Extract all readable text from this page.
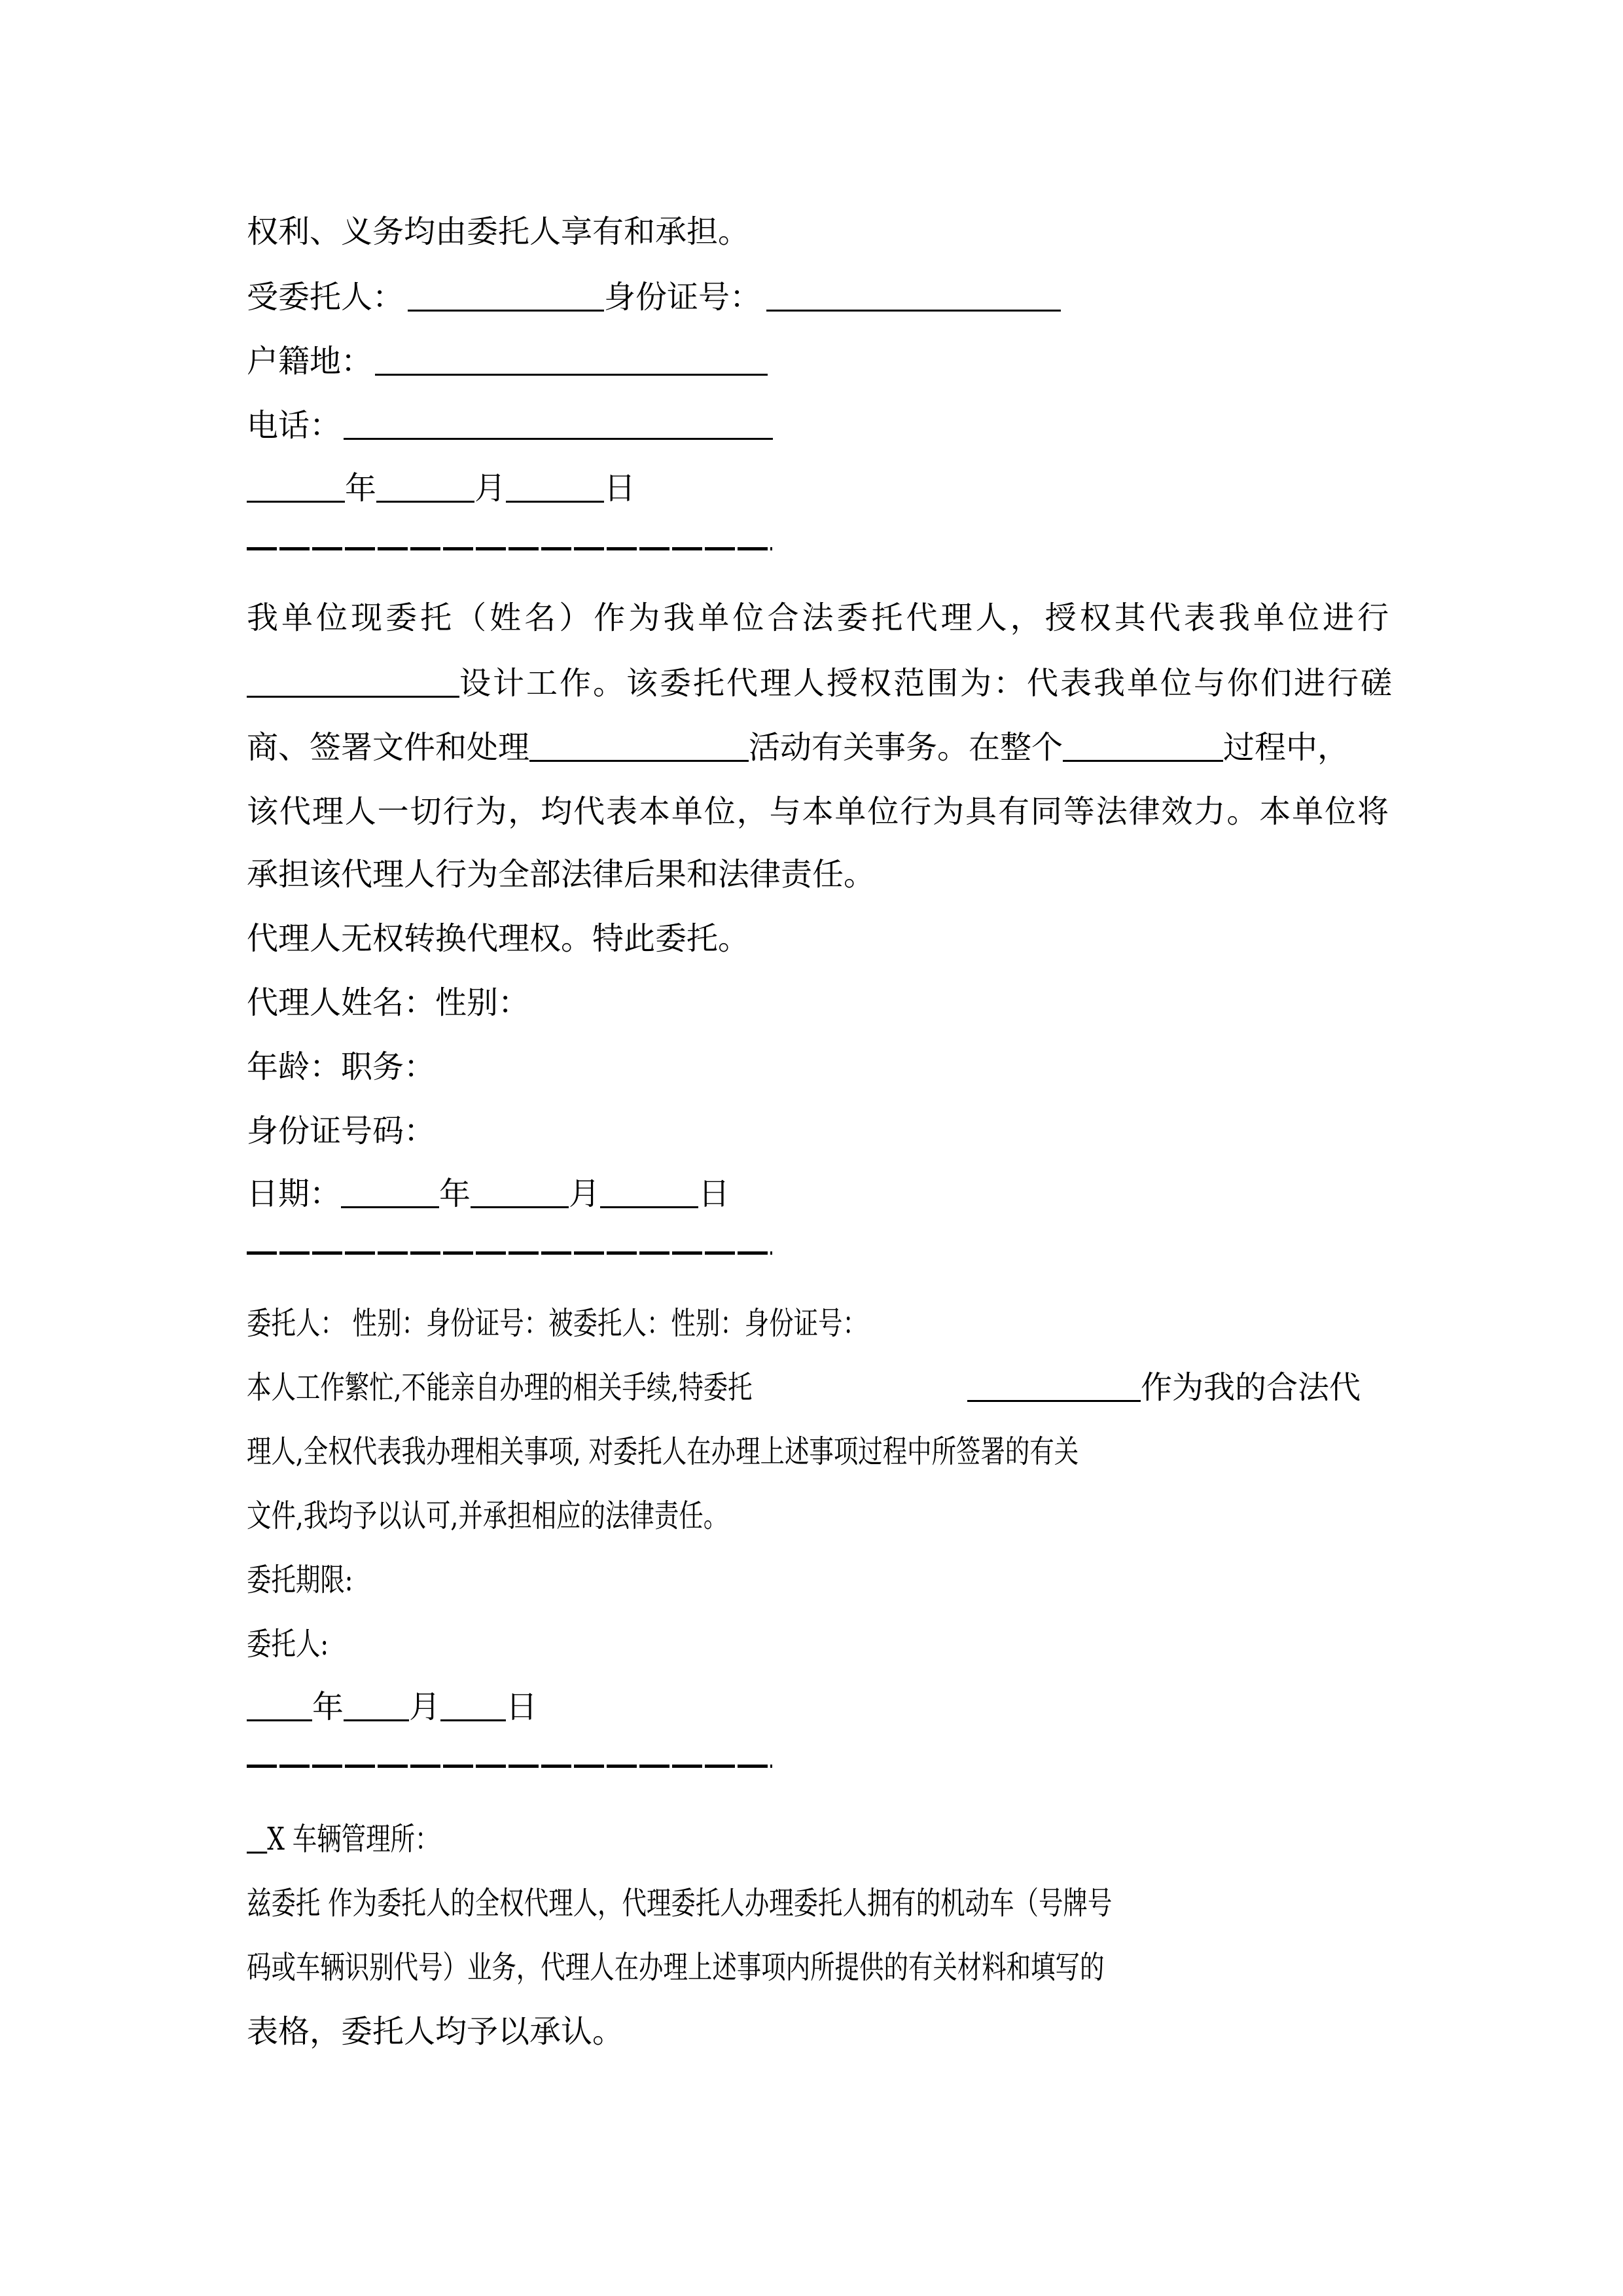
权利、义务均由委托人享有和承担。
受委托人：	身份证号：
户籍地：
电话：
年	月	日
我单位现委托（姓名）作为我单位合法委托代理人，授权其代表我单位进行
设计工作。该委托代理人授权范围为：代表我单位与你们进行磋
商、签署文件和处理	活动有关事务。在整个	过程中，
该代理人一切行为，均代表本单位，与本单位行为具有同等法律效力。本单位将
承担该代理人行为全部法律后果和法律责任。
代理人无权转换代理权。特此委托。
代理人姓名：性别：
年龄：职务：
身份证号码：
日期：	年	月	日
委托人： 性别：身份证号：被委托人：性别：身份证号：
本人工作繁忙,不能亲自办理的相关手续,特委托	作为我的合法代
理人,全权代表我办理相关事项, 对委托人在办理上述事项过程中所签署的有关
文件,我均予以认可,并承担相应的法律责任。
委托期限:
委托人:
年 月 日
X 车辆管理所：
兹委托 作为委托人的全权代理人，代理委托人办理委托人拥有的机动车（号牌号
码或车辆识别代号）业务，代理人在办理上述事项内所提供的有关材料和填写的
表格，委托人均予以承认。
